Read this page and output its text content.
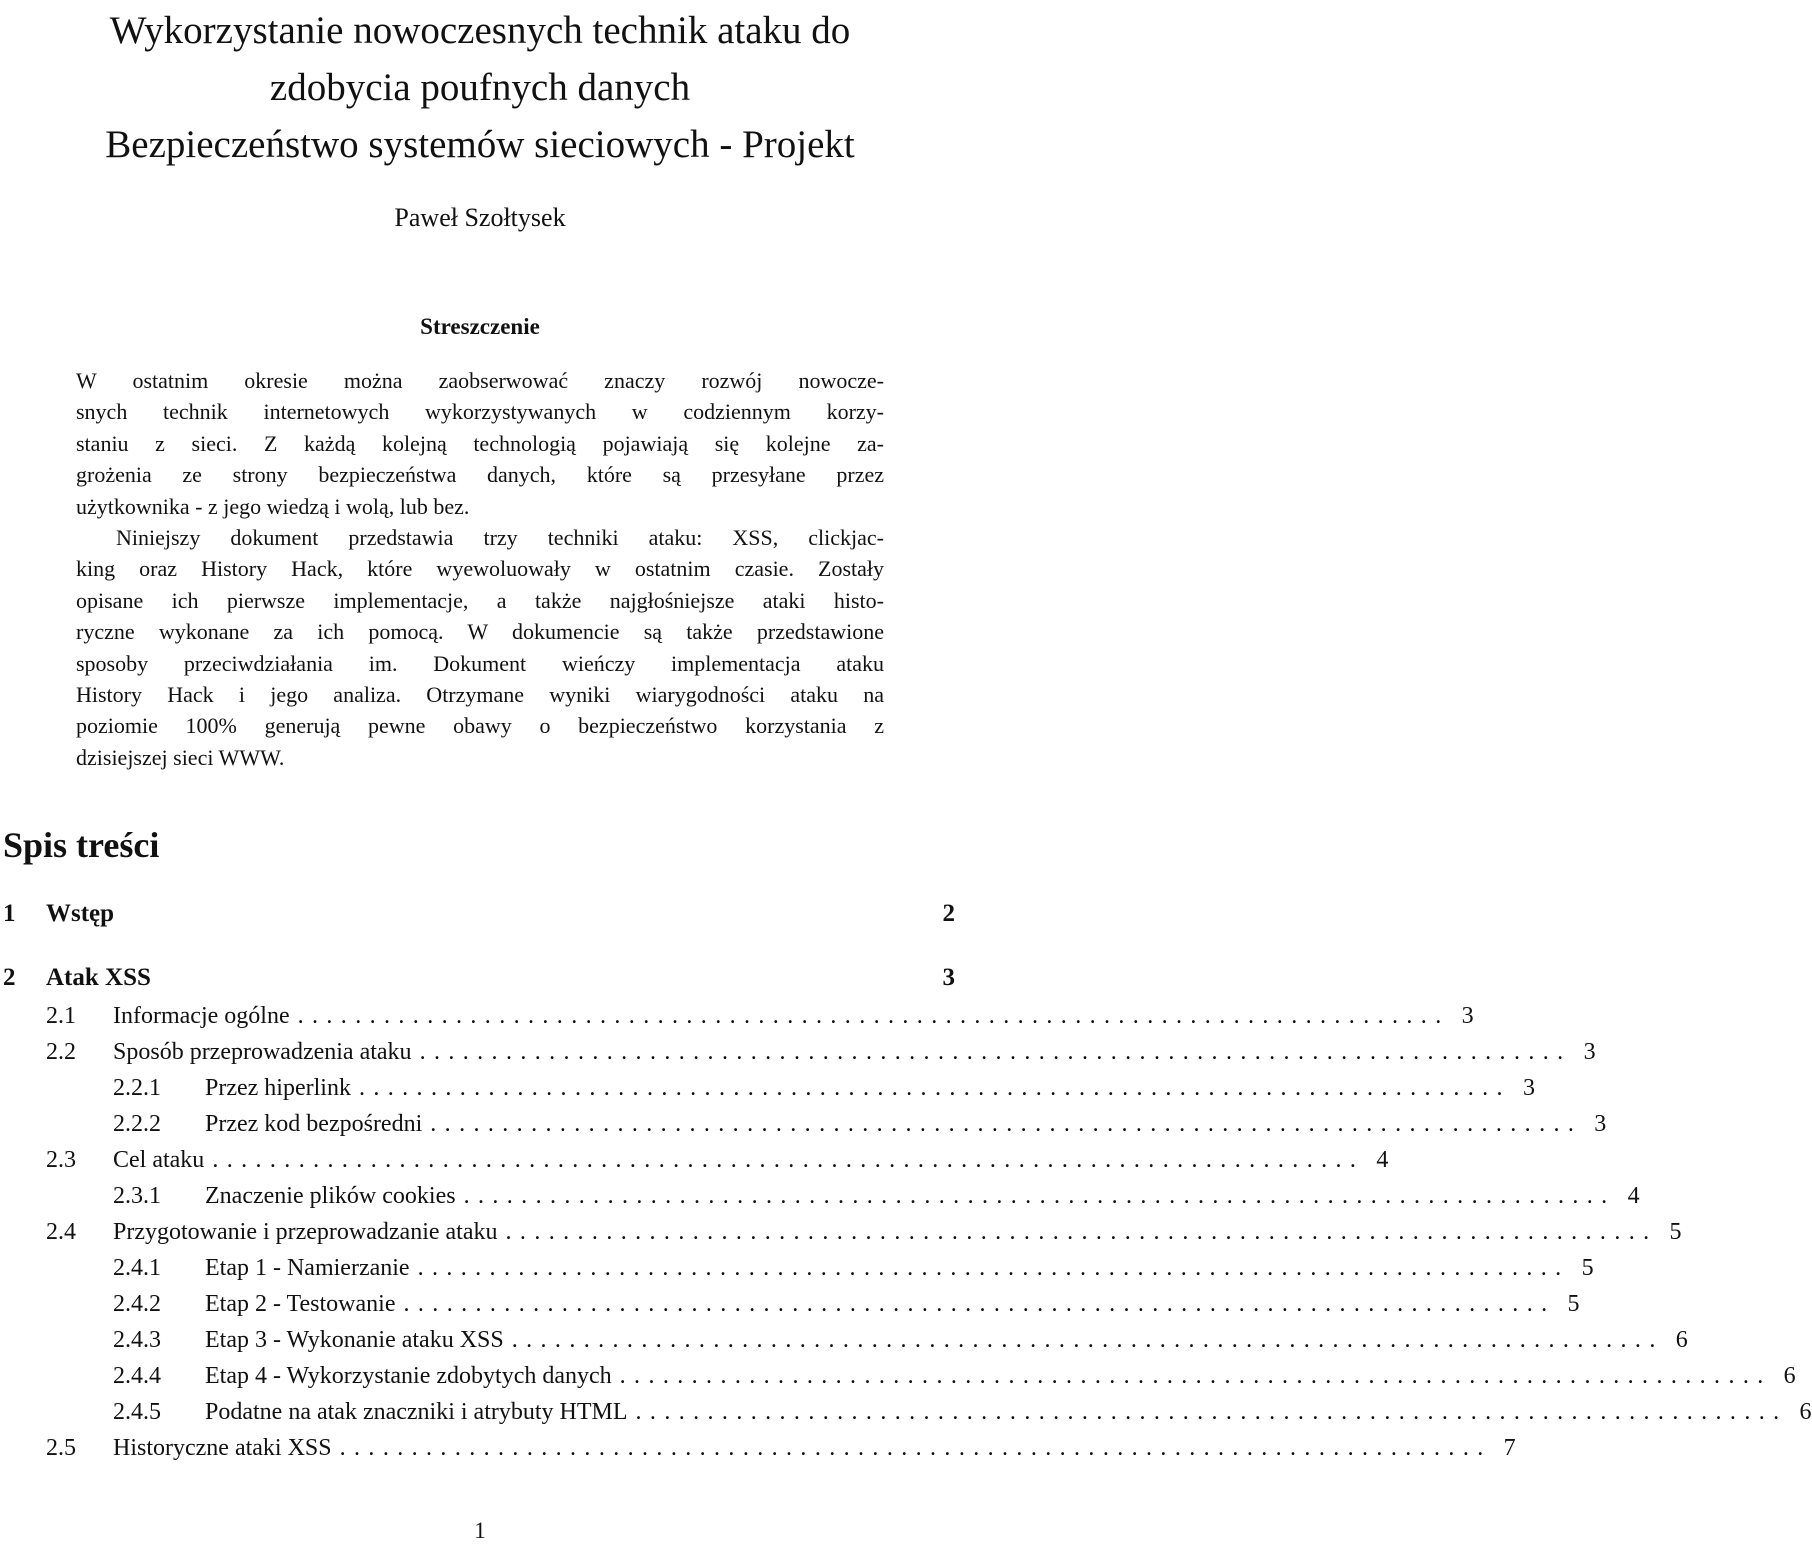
Wykorzystanie nowoczesnych technik ataku do
zdobycia poufnych danych
Bezpieczeństwo systemów sieciowych - Projekt
Paweł Szołtysek
Streszczenie
W ostatnim okresie można zaobserwować znaczy rozwój nowocze-
snych technik internetowych wykorzystywanych w codziennym korzy-
staniu z sieci. Z każdą kolejną technologią pojawiają się kolejne za-
grożenia ze strony bezpieczeństwa danych, które są przesyłane przez
użytkownika - z jego wiedzą i wolą, lub bez.
Niniejszy dokument przedstawia trzy techniki ataku: XSS, clickjac-
king oraz History Hack, które wyewoluowały w ostatnim czasie. Zostały
opisane ich pierwsze implementacje, a także najgłośniejsze ataki histo-
ryczne wykonane za ich pomocą. W dokumencie są także przedstawione
sposoby przeciwdziałania im. Dokument wieńczy implementacja ataku
History Hack i jego analiza. Otrzymane wyniki wiarygodności ataku na
poziomie 100% generują pewne obawy o bezpieczeństwo korzystania z
dzisiejszej sieci WWW.
Spis treści
1 Wstęp	2
2 Atak XSS	3
2.1	Informacje ogólne ................................................................................ 3
2.2	Sposób przeprowadzenia ataku ................................................................................ 3
2.2.1	Przez hiperlink ................................................................................ 3
2.2.2	Przez kod bezpośredni ................................................................................ 3
2.3	Cel ataku ................................................................................ 4
2.3.1	Znaczenie plików cookies ................................................................................ 4
2.4	Przygotowanie i przeprowadzanie ataku ................................................................................ 5
2.4.1	Etap 1 - Namierzanie ................................................................................ 5
2.4.2	Etap 2 - Testowanie ................................................................................ 5
2.4.3	Etap 3 - Wykonanie ataku XSS ................................................................................ 6
2.4.4	Etap 4 - Wykorzystanie zdobytych danych ................................................................................ 6
2.4.5	Podatne na atak znaczniki i atrybuty HTML ................................................................................ 6
2.5	Historyczne ataki XSS ................................................................................ 7
1
